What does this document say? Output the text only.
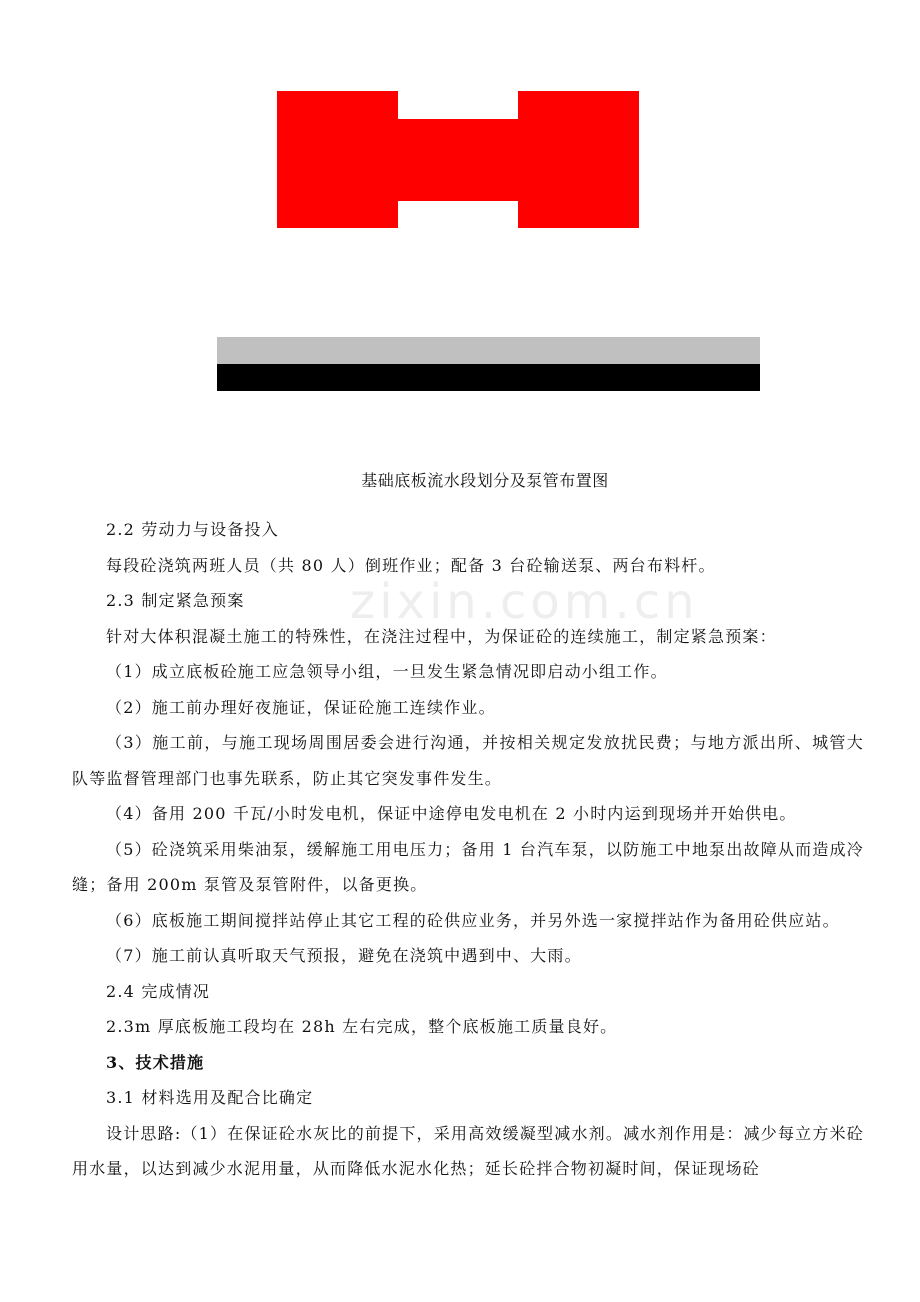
基础底板流水段划分及泵管布置图
zixin.com.cn

2.2 劳动力与设备投入

每段砼浇筑两班人员（共 80 人）倒班作业；配备 3 台砼输送泵、两台布料杆。

2.3 制定紧急预案

针对大体积混凝土施工的特殊性，在浇注过程中，为保证砼的连续施工，制定紧急预案：

（1）成立底板砼施工应急领导小组，一旦发生紧急情况即启动小组工作。

（2）施工前办理好夜施证，保证砼施工连续作业。

（3）施工前，与施工现场周围居委会进行沟通，并按相关规定发放扰民费；与地方派出所、城管大队等监督管理部门也事先联系，防止其它突发事件发生。

（4）备用 200 千瓦/小时发电机，保证中途停电发电机在 2 小时内运到现场并开始供电。

（5）砼浇筑采用柴油泵，缓解施工用电压力；备用 1 台汽车泵，以防施工中地泵出故障从而造成冷缝；备用 200m 泵管及泵管附件，以备更换。

（6）底板施工期间搅拌站停止其它工程的砼供应业务，并另外选一家搅拌站作为备用砼供应站。

（7）施工前认真听取天气预报，避免在浇筑中遇到中、大雨。

2.4 完成情况

2.3m 厚底板施工段均在 28h 左右完成，整个底板施工质量良好。

3、技术措施

3.1 材料选用及配合比确定

设计思路:（1）在保证砼水灰比的前提下，采用高效缓凝型减水剂。减水剂作用是：减少每立方米砼用水量，以达到减少水泥用量，从而降低水泥水化热；延长砼拌合物初凝时间，保证现场砼
